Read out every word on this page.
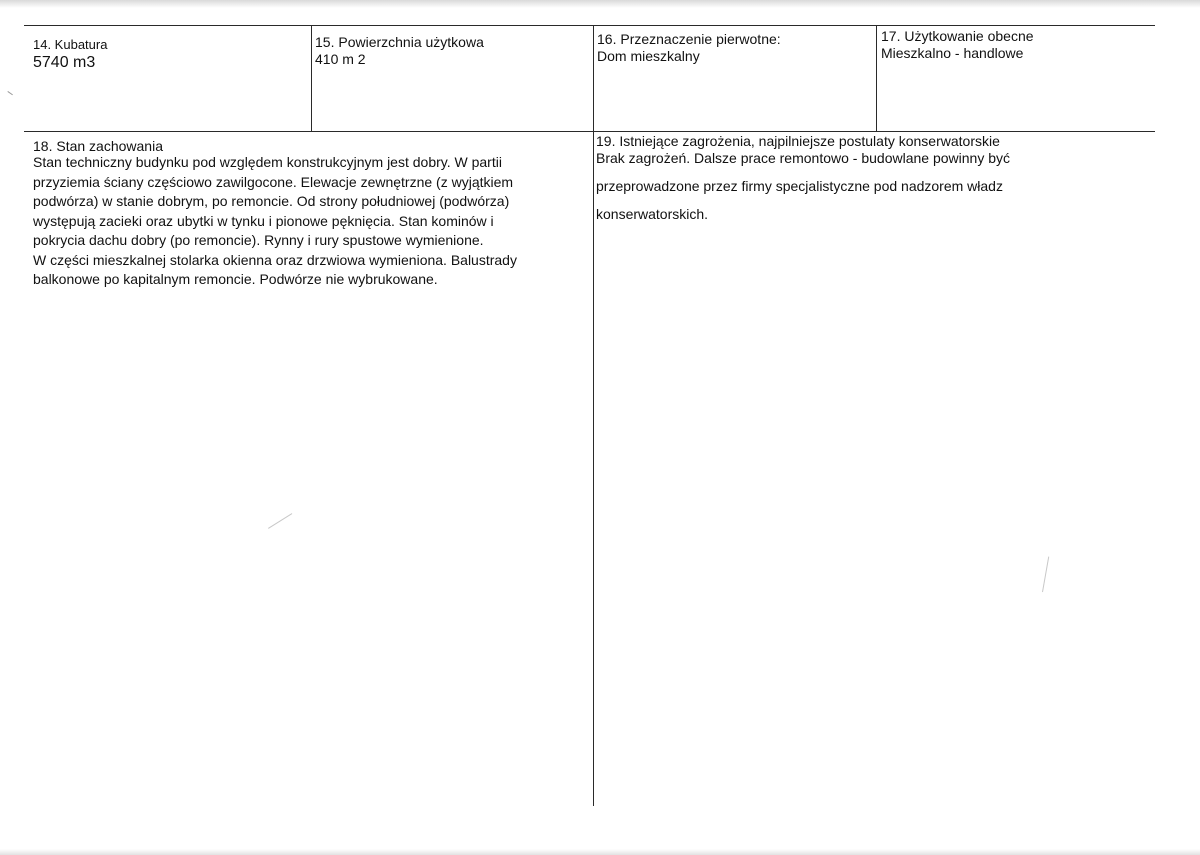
14. Kubatura
5740 m3
15. Powierzchnia użytkowa
410 m 2
16. Przeznaczenie pierwotne:
Dom mieszkalny
17. Użytkowanie obecne
Mieszkalno - handlowe
18. Stan zachowania
Stan techniczny budynku pod względem konstrukcyjnym jest dobry. W partii
przyziemia ściany częściowo zawilgocone. Elewacje zewnętrzne (z wyjątkiem
podwórza) w stanie dobrym, po remoncie. Od strony południowej (podwórza)
występują zacieki oraz ubytki w tynku i pionowe pęknięcia. Stan kominów i
pokrycia dachu dobry (po remoncie). Rynny i rury spustowe wymienione.
W części mieszkalnej stolarka okienna oraz drzwiowa wymieniona. Balustrady
balkonowe po kapitalnym remoncie. Podwórze nie wybrukowane.
19. Istniejące zagrożenia, najpilniejsze postulaty konserwatorskie
Brak zagrożeń. Dalsze prace remontowo - budowlane powinny być
przeprowadzone przez firmy specjalistyczne pod nadzorem władz
konserwatorskich.
